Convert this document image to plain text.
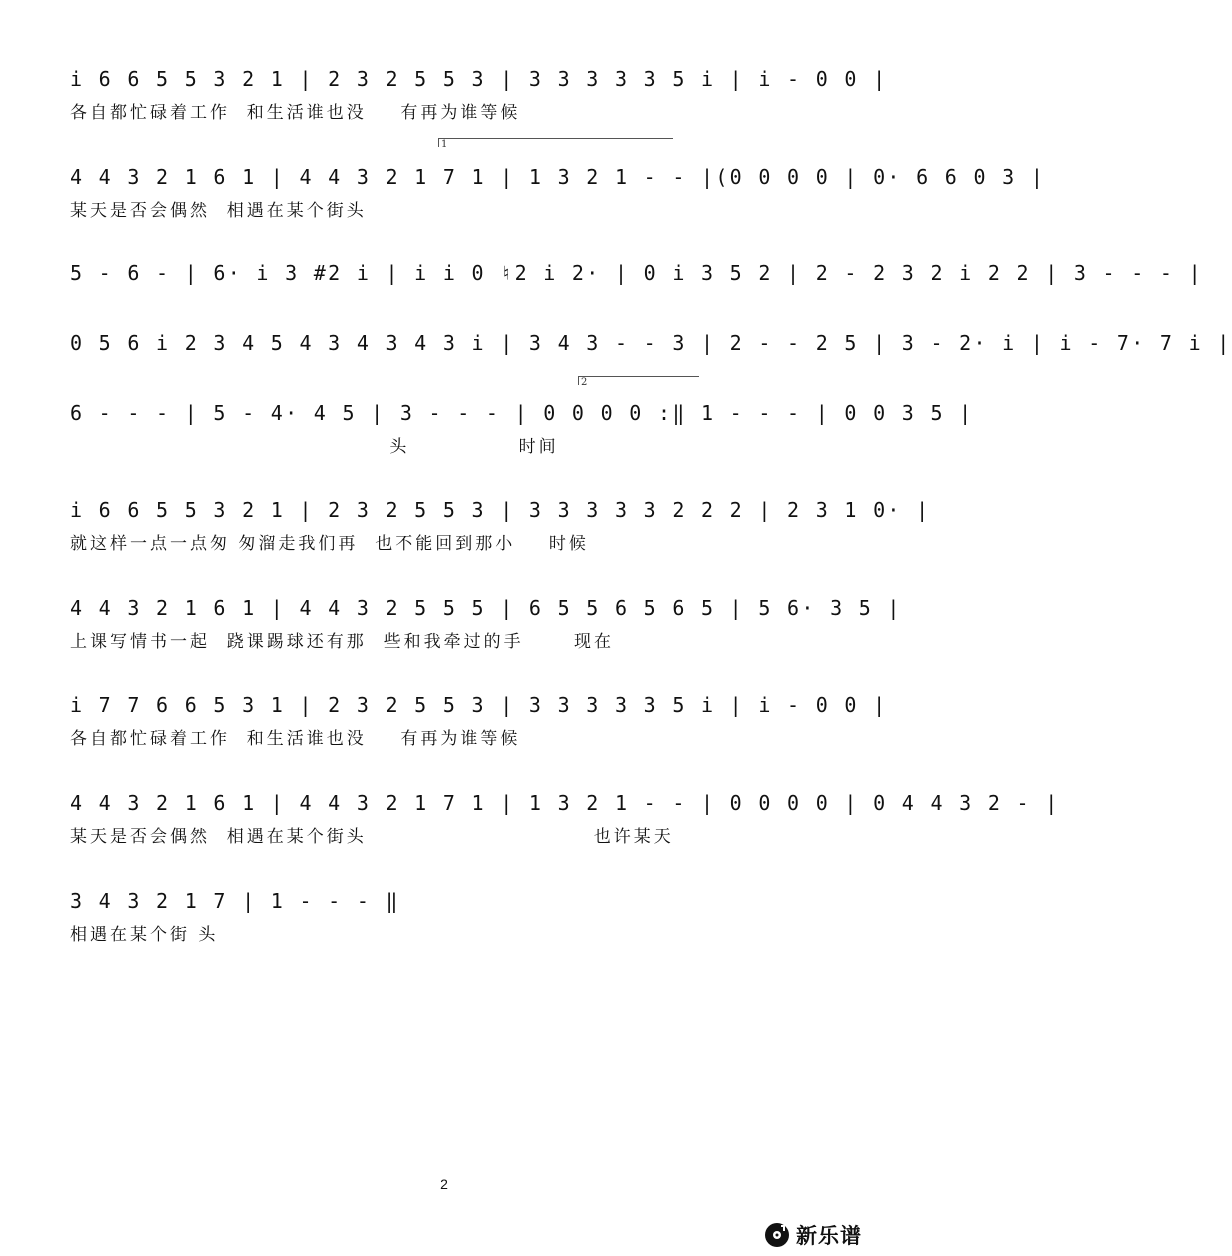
i 6 6 5 5 3 2 1 | 2 3 2 5 5 3 | 3 3 3 3 3 5 i | i - 0 0 |
各自都忙碌着工作  和生活谁也没    有再为谁等候
4 4 3 2 1 6 1 | 4 4 3 2 1 7 1 | 1 3 2 1 - - |(0 0 0 0 | 0· 6 6 0 3 |
某天是否会偶然  相遇在某个街头
1
5 - 6 - | 6· i 3 #2 i | i i 0 ♮2 i 2· | 0 i 3 5 2 | 2 - 2 3 2 i 2 2 | 3 - - - |
0 5 6 i 2 3 4 5 4 3 4 3 4 3 i | 3 4 3 - - 3 | 2 - - 2 5 | 3 - 2· i | i - 7· 7 i |
6 - - - | 5 - 4· 4 5 | 3 - - - | 0 0 0 0 :‖ 1 - - - | 0 0 3 5 |
头             时间
2
i 6 6 5 5 3 2 1 | 2 3 2 5 5 3 | 3 3 3 3 3 2 2 2 | 2 3 1 0· |
就这样一点一点匆 匆溜走我们再  也不能回到那小    时候
4 4 3 2 1 6 1 | 4 4 3 2 5 5 5 | 6 5 5 6 5 6 5 | 5 6· 3 5 |
上课写情书一起  跷课踢球还有那  些和我牵过的手      现在
i 7 7 6 6 5 3 1 | 2 3 2 5 5 3 | 3 3 3 3 3 5 i | i - 0 0 |
各自都忙碌着工作  和生活谁也没    有再为谁等候
4 4 3 2 1 6 1 | 4 4 3 2 1 7 1 | 1 3 2 1 - - | 0 0 0 0 | 0 4 4 3 2 - |
某天是否会偶然  相遇在某个街头                           也许某天
3 4 3 2 1 7 | 1 - - - ‖
相遇在某个街 头
2
新乐谱
